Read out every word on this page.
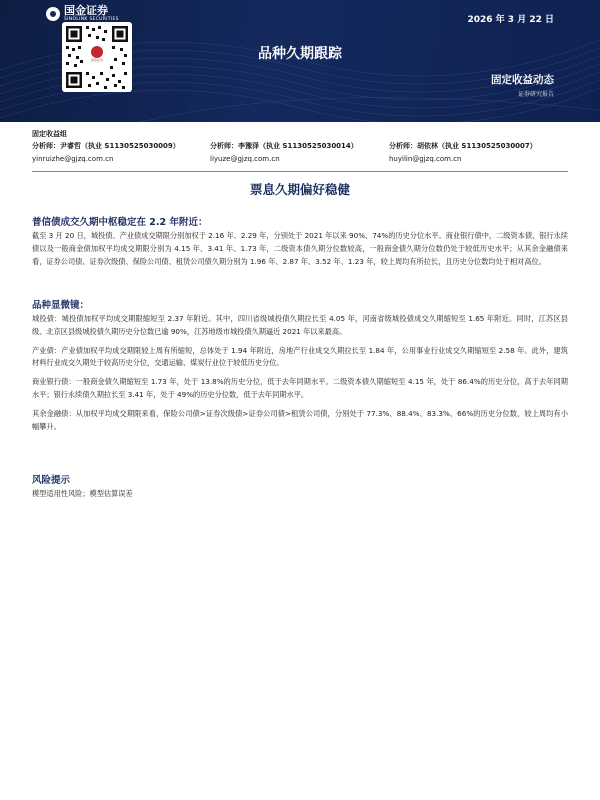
国金证券
SINOLINK SECURITIES
国金证券
2026 年 3 月 22 日
品种久期跟踪
固定收益动态
证券研究报告
固定收益组
分析师：尹睿哲（执业 S1130525030009）
yinruizhe@gjzq.com.cn
分析师：李豫泽（执业 S1130525030014）
liyuze@gjzq.com.cn
分析师：胡依林（执业 S1130525030007）
huyilin@gjzq.com.cn
票息久期偏好稳健
普信债成交久期中枢稳定在 2.2 年附近：

截至 3 月 20 日，城投债、产业债成交期限分别加权于 2.16 年、2.29 年，分别处于 2021 年以来 90%、74%的历史分位水平。商业银行债中，二级资本债、银行永续债以及一般商金债加权平均成交期限分别为 4.15 年、3.41 年、1.73 年，二级资本债久期分位数较高，一般商金债久期分位数仍处于较低历史水平；从其余金融债来看，证券公司债、证券次级债、保险公司债、租赁公司债久期分别为 1.96 年、2.87 年、3.52 年、1.23 年，较上周均有所拉长，且历史分位数均处于相对高位。

品种显微镜：

城投债：城投债加权平均成交期限缩短至 2.37 年附近。其中，四川省级城投债久期拉长至 4.05 年，河南省级城投债成交久期缩短至 1.65 年附近。同时，江苏区县级、北京区县级城投债久期历史分位数已逾 90%，江苏地级市城投债久期逼近 2021 年以来最高。

产业债：产业债加权平均成交期限较上周有所缩短，总体处于 1.94 年附近，房地产行业成交久期拉长至 1.84 年，公用事业行业成交久期缩短至 2.58 年。此外，建筑材料行业成交久期处于较高历史分位，交通运输、煤炭行业位于较低历史分位。

商业银行债：一般商金债久期缩短至 1.73 年，处于 13.8%的历史分位，低于去年同期水平。二级资本债久期缩短至 4.15 年，处于 86.4%的历史分位，高于去年同期水平；银行永续债久期拉长至 3.41 年，处于 49%的历史分位数，低于去年同期水平。

其余金融债：从加权平均成交期限来看，保险公司债>证券次级债>证券公司债>租赁公司债，分别处于 77.3%、88.4%、83.3%、66%的历史分位数，较上周均有小幅攀升。

风险提示

模型适用性风险；模型估算误差
